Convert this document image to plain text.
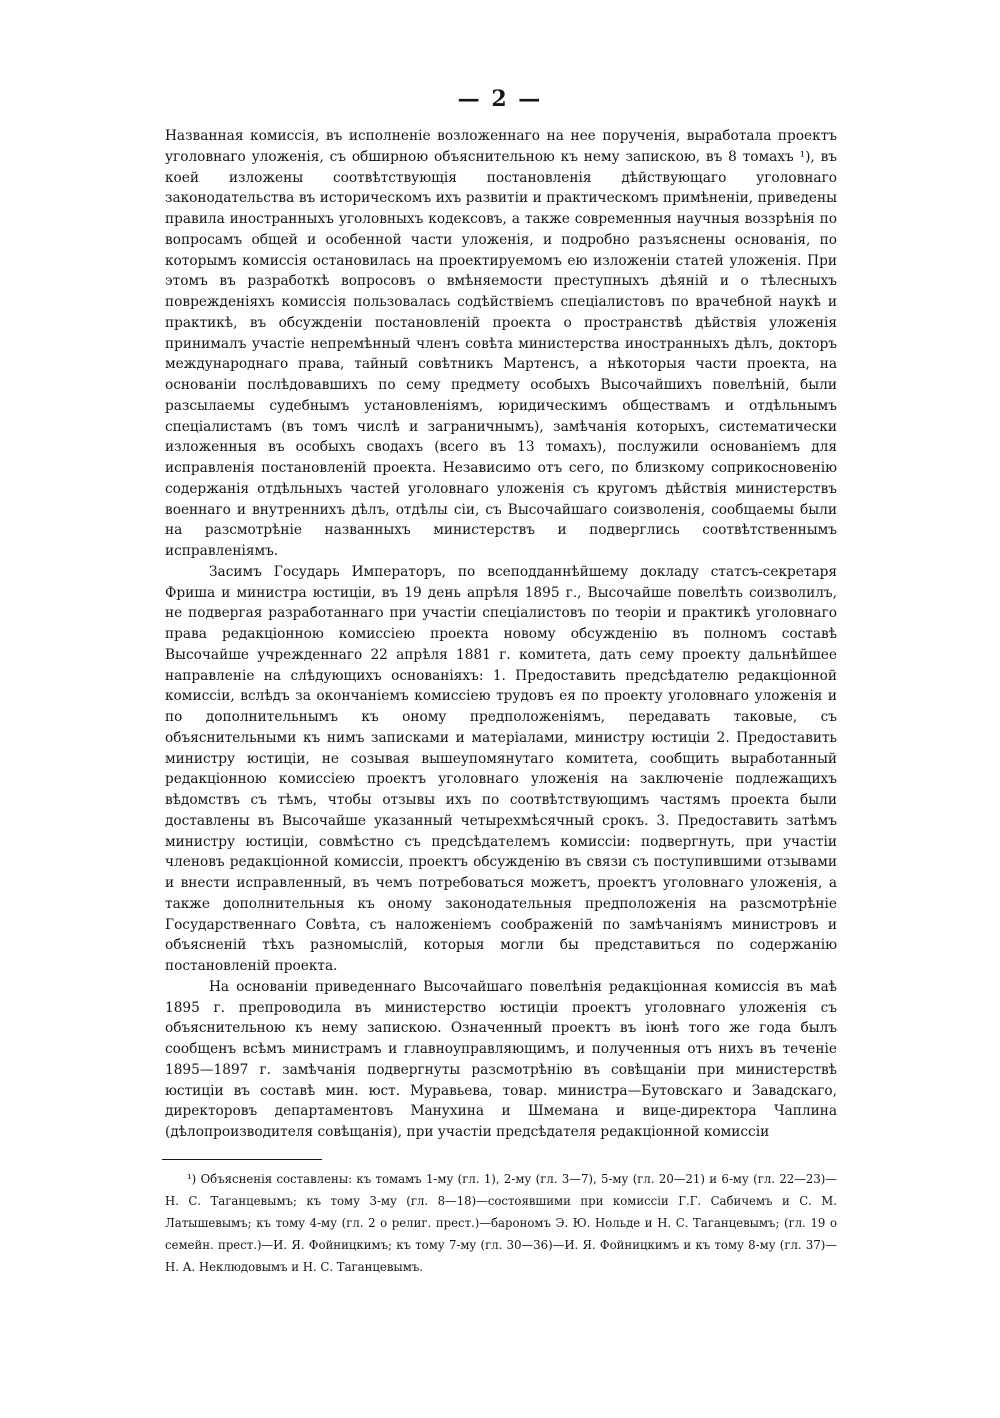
— 2 —

Названная комиссія, въ исполненіе возложеннаго на нее порученія, выработала проектъ уголовнаго уложенія, съ обширною объяснительною къ нему запискою, въ 8 томахъ ¹), въ коей изложены соотвѣтствующія постановленія дѣйствующаго уголовнаго законодательства въ историческомъ ихъ развитіи и практическомъ примѣненіи, приведены правила иностранныхъ уголовныхъ кодексовъ, а также современныя научныя воззрѣнія по вопросамъ общей и особенной части уложенія, и подробно разъяснены основанія, по которымъ комиссія остановилась на проектируемомъ ею изложеніи статей уложенія. При этомъ въ разработкѣ вопросовъ о вмѣняемости преступныхъ дѣяній и о тѣлесныхъ поврежденіяхъ комиссія пользовалась содѣйствіемъ спеціалистовъ по врачебной наукѣ и практикѣ, въ обсужденіи постановленій проекта о пространствѣ дѣйствія уложенія принималъ участіе непремѣнный членъ совѣта министерства иностранныхъ дѣлъ, докторъ международнаго права, тайный совѣтникъ Мартенсъ, а нѣкоторыя части проекта, на основаніи послѣдовавшихъ по сему предмету особыхъ Высочайшихъ повелѣній, были разсылаемы судебнымъ установленіямъ, юридическимъ обществамъ и отдѣльнымъ спеціалистамъ (въ томъ числѣ и заграничнымъ), замѣчанія которыхъ, систематически изложенныя въ особыхъ сводахъ (всего въ 13 томахъ), послужили основаніемъ для исправленія постановленій проекта. Независимо отъ сего, по близкому соприкосновенію содержанія отдѣльныхъ частей уголовнаго уложенія съ кругомъ дѣйствія министерствъ военнаго и внутреннихъ дѣлъ, отдѣлы сіи, съ Высочайшаго соизволенія, сообщаемы были на разсмотрѣніе названныхъ министерствъ и подверглись соотвѣтственнымъ исправленіямъ.

Засимъ Государь Императоръ, по всеподданнѣйшему докладу статсъ-секретаря Фриша и министра юстиціи, въ 19 день апрѣля 1895 г., Высочайше повелѣть соизволилъ, не подвергая разработаннаго при участіи спеціалистовъ по теоріи и практикѣ уголовнаго права редакціонною комиссіею проекта новому обсужденію въ полномъ составѣ Высочайше учрежденнаго 22 апрѣля 1881 г. комитета, дать сему проекту дальнѣйшее направленіе на слѣдующихъ основаніяхъ: 1. Предоставить предсѣдателю редакціонной комиссіи, вслѣдъ за окончаніемъ комиссіею трудовъ ея по проекту уголовнаго уложенія и по дополнительнымъ къ оному предположеніямъ, передавать таковые, съ объяснительными къ нимъ записками и матеріалами, министру юстиціи 2. Предоставить министру юстиціи, не созывая вышеупомянутаго комитета, сообщить выработанный редакціонною комиссіею проектъ уголовнаго уложенія на заключеніе подлежащихъ вѣдомствъ съ тѣмъ, чтобы отзывы ихъ по соотвѣтствующимъ частямъ проекта были доставлены въ Высочайше указанный четырехмѣсячный срокъ. 3. Предоставить затѣмъ министру юстиціи, совмѣстно съ предсѣдателемъ комиссіи: подвергнуть, при участіи членовъ редакціонной комиссіи, проектъ обсужденію въ связи съ поступившими отзывами и внести исправленный, въ чемъ потребоваться можетъ, проектъ уголовнаго уложенія, а также дополнительныя къ оному законодательныя предположенія на разсмотрѣніе Государственнаго Совѣта, съ наложеніемъ соображеній по замѣчаніямъ министровъ и объясненій тѣхъ разномыслій, которыя могли бы представиться по содержанію постановленій проекта.

На основаніи приведеннаго Высочайшаго повелѣнія редакціонная комиссія въ маѣ 1895 г. препроводила въ министерство юстиціи проектъ уголовнаго уложенія съ объяснительною къ нему запискою. Означенный проектъ въ іюнѣ того же года былъ сообщенъ всѣмъ министрамъ и главноуправляющимъ, и полученныя отъ нихъ въ теченіе 1895—1897 г. замѣчанія подвергнуты разсмотрѣнію въ совѣщаніи при министерствѣ юстиціи въ составѣ мин. юст. Муравьева, товар. министра—Бутовскаго и Завадскаго, директоровъ департаментовъ Манухина и Шмемана и вице-директора Чаплина (дѣлопроизводителя совѣщанія), при участіи предсѣдателя редакціонной комиссіи

¹) Объясненія составлены: къ томамъ 1-му (гл. 1), 2-му (гл. 3—7), 5-му (гл. 20—21) и 6-му (гл. 22—23)—Н. С. Таганцевымъ; къ тому 3-му (гл. 8—18)—состоявшими при комиссіи Г.Г. Сабичемъ и С. М. Латышевымъ; къ тому 4-му (гл. 2 о религ. прест.)—барономъ Э. Ю. Нольде и Н. С. Таганцевымъ; (гл. 19 о семейн. прест.)—И. Я. Фойницкимъ; къ тому 7-му (гл. 30—36)—И. Я. Фойницкимъ и къ тому 8-му (гл. 37)—Н. А. Неклюдовымъ и Н. С. Таганцевымъ.
